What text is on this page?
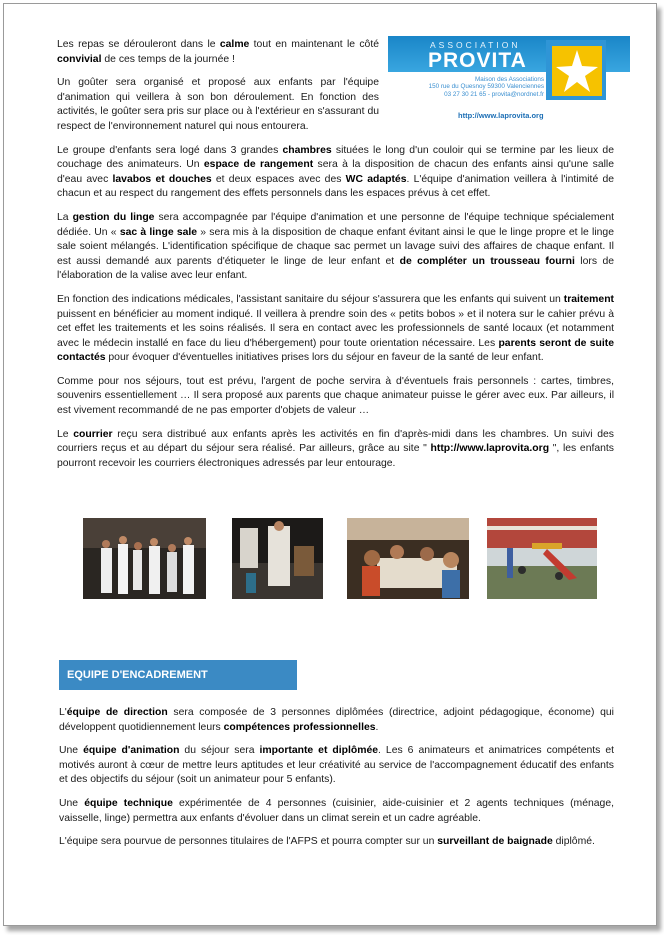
ASSOCIATION
PROVITA
Maison des Associations
150 rue du Quesnoy 59300 Valenciennes
03 27 30 21 65 - provita@nordnet.fr
http://www.laprovita.org

Les repas se dérouleront dans le calme tout en maintenant le côté convivial de ces temps de la journée !

Un goûter sera organisé et proposé aux enfants par l'équipe d'animation qui veillera à son bon déroulement. En fonction des activités, le goûter sera pris sur place ou à l'extérieur en s'assurant du respect de l'environnement naturel qui nous entourera.

Le groupe d'enfants sera logé dans 3 grandes chambres situées le long d'un couloir qui se termine par les lieux de couchage des animateurs. Un espace de rangement sera à la disposition de chacun des enfants ainsi qu'une salle d'eau avec lavabos et douches et deux espaces avec des WC adaptés. L'équipe d'animation veillera à l'intimité de chacun et au respect du rangement des effets personnels dans les espaces prévus à cet effet.

La gestion du linge sera accompagnée par l'équipe d'animation et une personne de l'équipe technique spécialement dédiée. Un « sac à linge sale » sera mis à la disposition de chaque enfant évitant ainsi le que le linge propre et le linge sale soient mélangés. L'identification spécifique de chaque sac permet un lavage suivi des affaires de chaque enfant. Il est aussi demandé aux parents d'étiqueter le linge de leur enfant et de compléter un trousseau fourni lors de l'élaboration de la valise avec leur enfant.

En fonction des indications médicales, l'assistant sanitaire du séjour s'assurera que les enfants qui suivent un traitement puissent en bénéficier au moment indiqué. Il veillera à prendre soin des « petits bobos » et il notera sur le cahier prévu à cet effet les traitements et les soins réalisés. Il sera en contact avec les professionnels de santé locaux (et notamment avec le médecin installé en face du lieu d'hébergement) pour toute orientation nécessaire. Les parents seront de suite contactés pour évoquer d'éventuelles initiatives prises lors du séjour en faveur de la santé de leur enfant.

Comme pour nos séjours, tout est prévu, l'argent de poche servira à d'éventuels frais personnels : cartes, timbres, souvenirs essentiellement … Il sera proposé aux parents que chaque animateur puisse le gérer avec eux. Par ailleurs, il est vivement recommandé de ne pas emporter d'objets de valeur …

Le courrier reçu sera distribué aux enfants après les activités en fin d'après-midi dans les chambres. Un suivi des courriers reçus et au départ du séjour sera réalisé. Par ailleurs, grâce au site " http://www.laprovita.org ", les enfants pourront recevoir les courriers électroniques adressés par leur entourage.

EQUIPE D'ENCADREMENT

L'équipe de direction sera composée de 3 personnes diplômées (directrice, adjoint pédagogique, économe) qui développent quotidiennement leurs compétences professionnelles.

Une équipe d'animation du séjour sera importante et diplômée. Les 6 animateurs et animatrices compétents et motivés auront à cœur de mettre leurs aptitudes et leur créativité au service de l'accompagnement éducatif des enfants et des objectifs du séjour (soit un animateur pour 5 enfants).

Une équipe technique expérimentée de 4 personnes (cuisinier, aide-cuisinier et 2 agents techniques (ménage, vaisselle, linge) permettra aux enfants d'évoluer dans un climat serein et un cadre agréable.

L'équipe sera pourvue de personnes titulaires de l'AFPS et pourra compter sur un surveillant de baignade diplômé.
